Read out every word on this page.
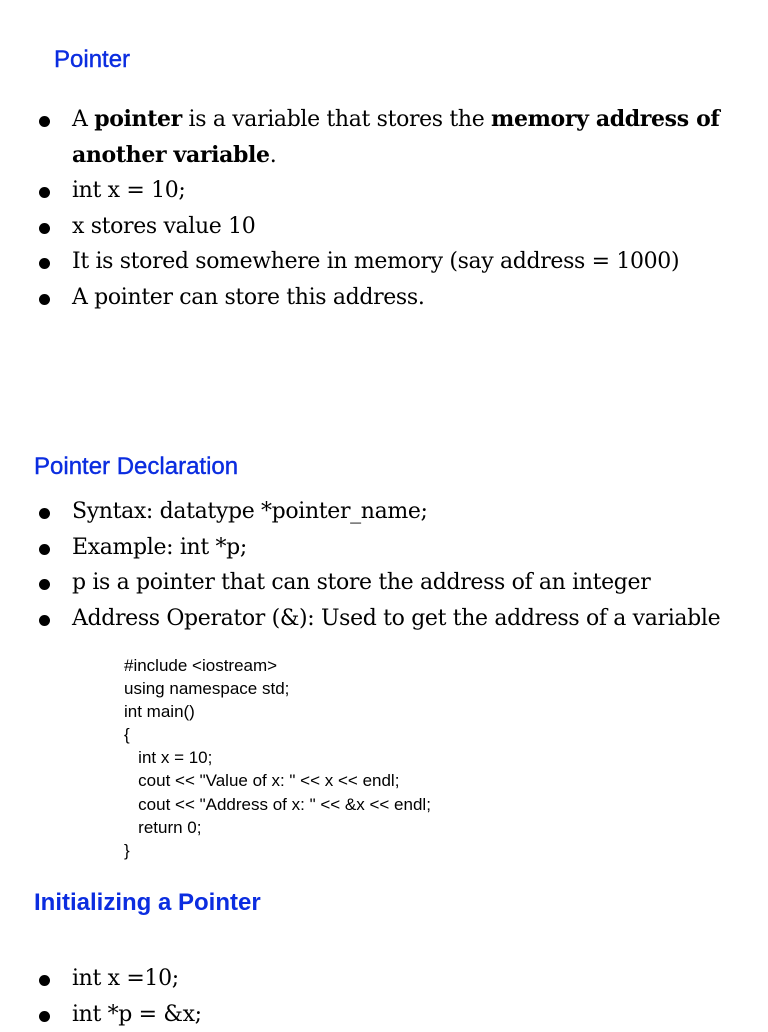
Pointer
A pointer is a variable that stores the memory address of another variable.
int x = 10;
x stores value 10
It is stored somewhere in memory (say address = 1000)
A pointer can store this address.
Pointer Declaration
Syntax: datatype *pointer_name;
Example: int *p;
p is a pointer that can store the address of an integer
Address Operator (&): Used to get the address of a variable
#include <iostream>
using namespace std;
int main()
{
int x = 10;
cout << "Value of x: " << x << endl;
cout << "Address of x: " << &x << endl;
return 0;
}
Initializing a Pointer
int x =10;
int *p = &x;
